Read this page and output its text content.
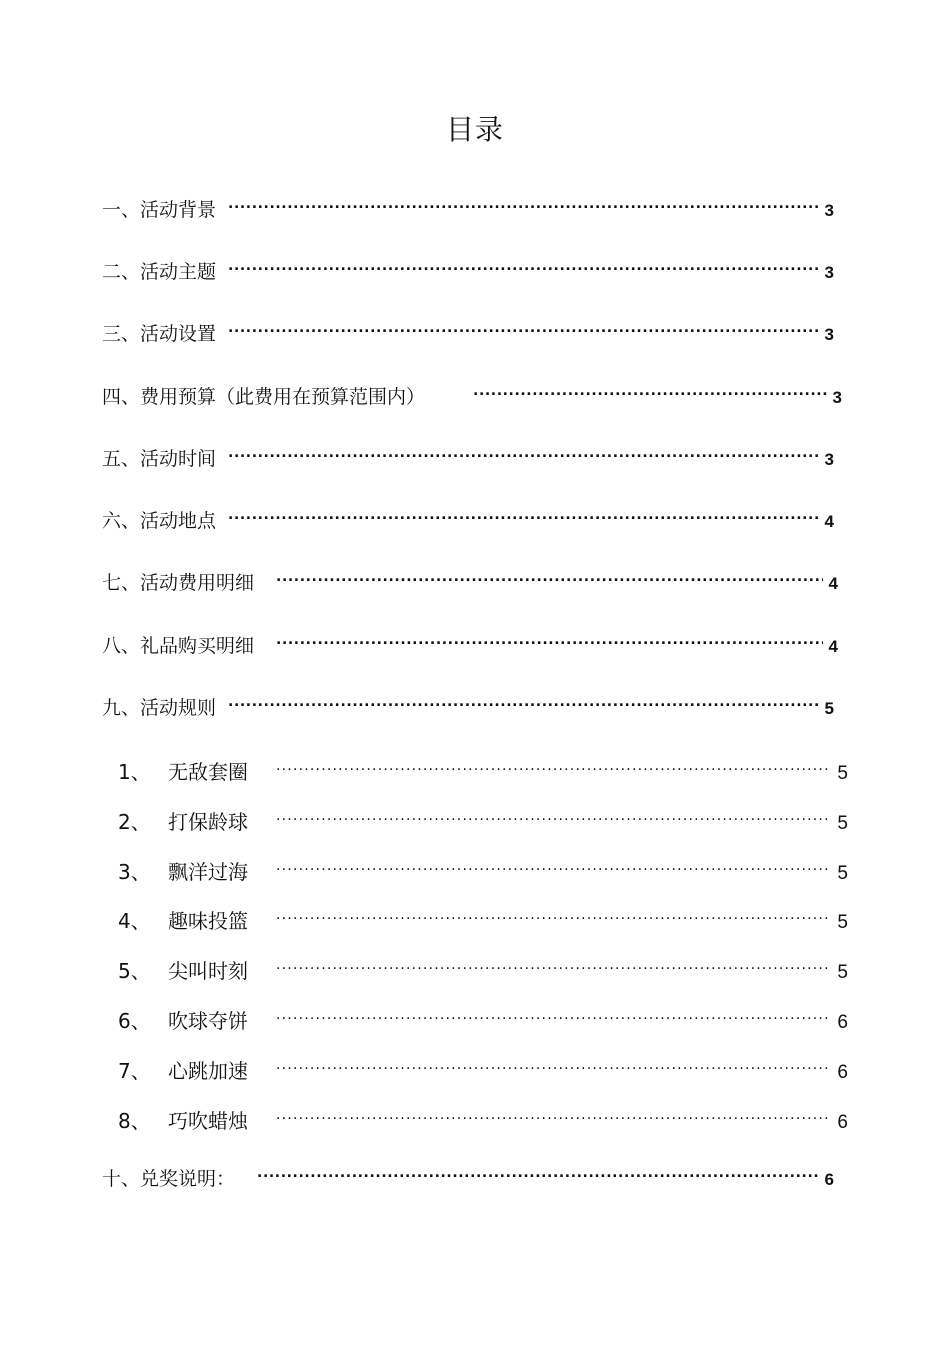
目录
一、 活动背景 .....	3
二、 活动主题 .....	3
三、 活动设置 .....	3
四、 费用预算（此费用在预算范围内） .....	3
五、 活动时间 .....	3
六、 活动地点 .....	4
七、 活动费用明细 .....	4
八、 礼品购买明细 .....	4
九、 活动规则 .....	5
1、 无敌套圈 .....	5
2、 打保龄球 .....	5
3、 飘洋过海 .....	5
4、 趣味投篮 .....	5
5、 尖叫时刻 .....	5
6、 吹球夺饼 .....	6
7、 心跳加速 .....	6
8、 巧吹蜡烛 .....	6
十、 兑奖说明： .....	6
